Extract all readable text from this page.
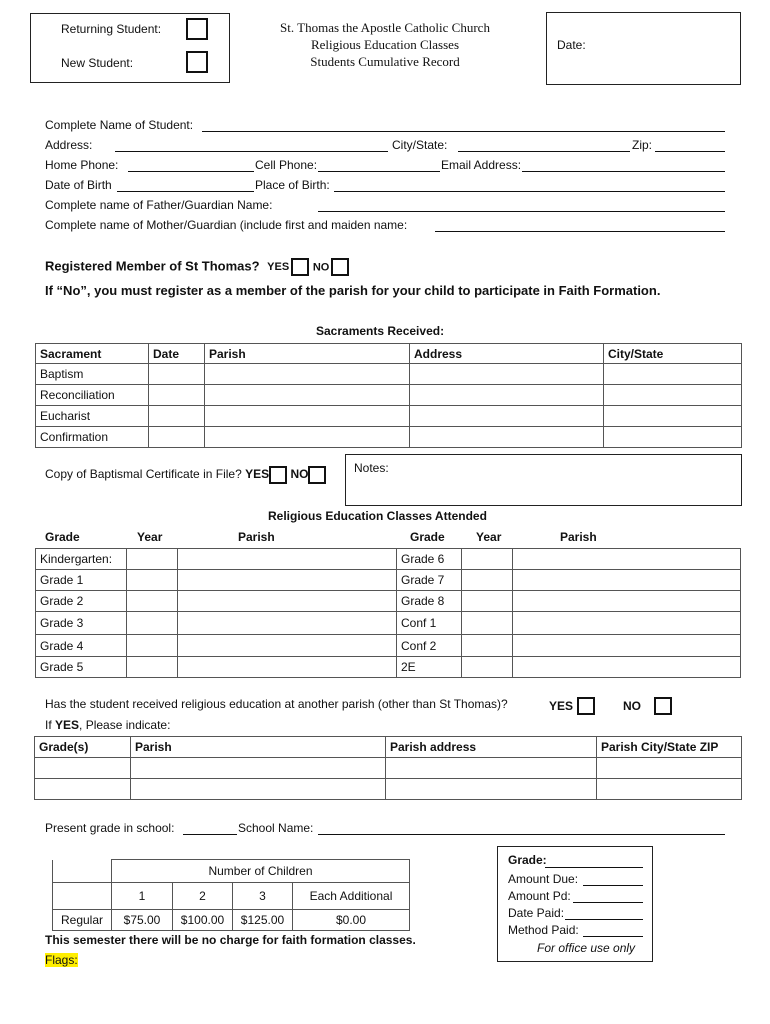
Returning Student:
New Student:
St. Thomas the Apostle Catholic Church
Religious Education Classes
Students Cumulative Record
Date:
Complete Name of Student:
Address:	City/State:	Zip:
Home Phone:	Cell Phone:	Email Address:
Date of Birth	Place of Birth:
Complete name of Father/Guardian Name:
Complete name of Mother/Guardian (include first and maiden name:
Registered Member of St Thomas? YES NO
If “No”, you must register as a member of the parish for your child to participate in Faith Formation.
Sacraments Received:
Sacrament	Date	Parish	Address	City/State
Baptism				
Reconciliation				
Eucharist				
Confirmation				
Copy of Baptismal Certificate in File? YES NO	Notes:
Religious Education Classes Attended
Grade	Year	Parish	Grade	Year	Parish
Kindergarten:			Grade 6		
Grade 1			Grade 7		
Grade 2			Grade 8		
Grade 3			Conf 1		
Grade 4			Conf 2		
Grade 5			2E		
Has the student received religious education at another parish (other than St Thomas)?	YES	NO
If YES, Please indicate:
Grade(s)	Parish	Parish address	Parish City/State ZIP

Present grade in school:	School Name:
	Number of Children			
	1	2	3	Each Additional
Regular	$75.00	$100.00	$125.00	$0.00
This semester there will be no charge for faith formation classes.
Flags:
Grade:
Amount Due:
Amount Pd:
Date Paid:
Method Paid:
For office use only
